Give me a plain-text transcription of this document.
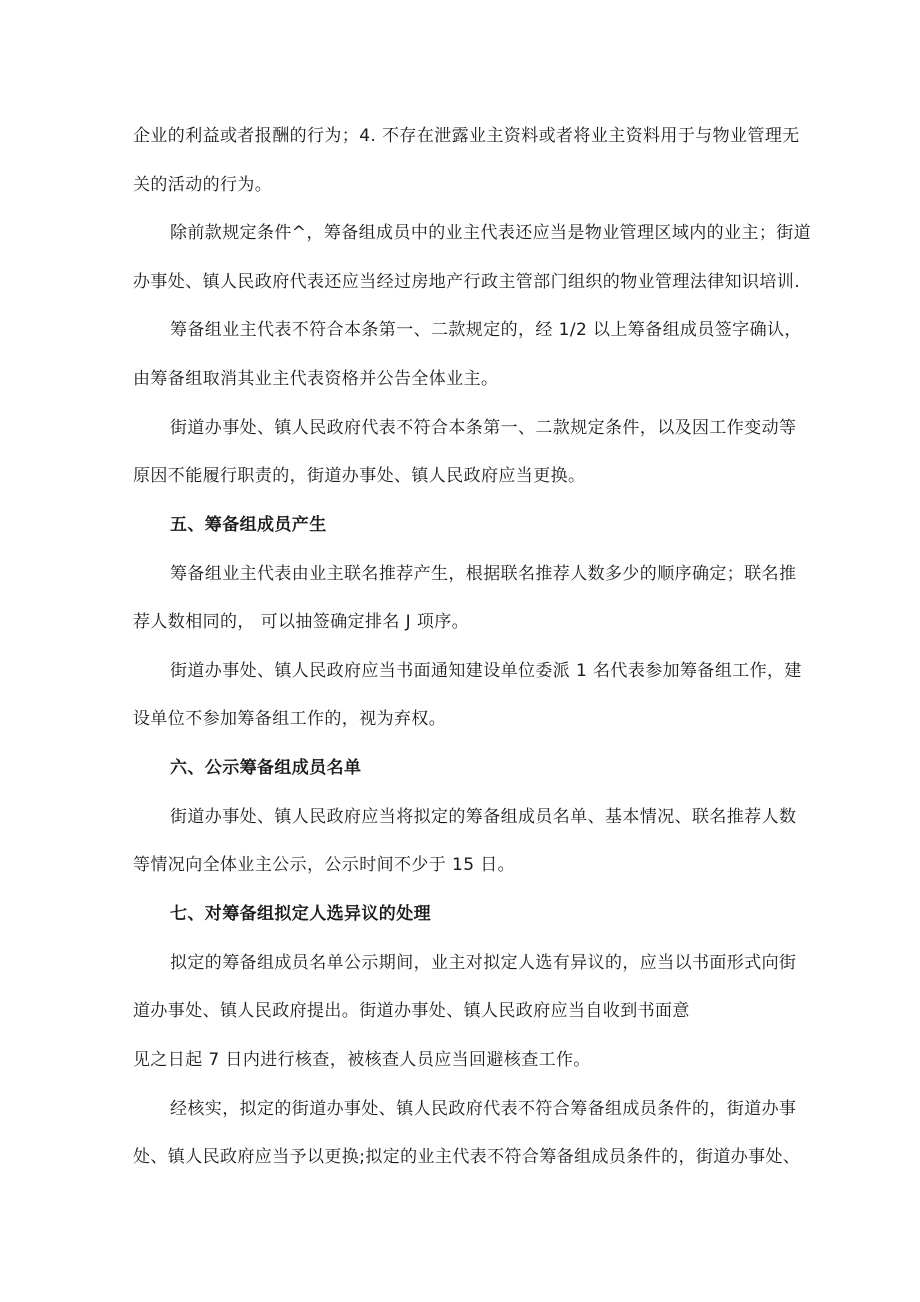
企业的利益或者报酬的行为；4. 不存在泄露业主资料或者将业主资料用于与物业管理无
关的活动的行为。
除前款规定条件^，筹备组成员中的业主代表还应当是物业管理区域内的业主；街道
办事处、镇人民政府代表还应当经过房地产行政主管部门组织的物业管理法律知识培训.
筹备组业主代表不符合本条第一、二款规定的，经 1/2 以上筹备组成员签字确认，
由筹备组取消其业主代表资格并公告全体业主。
街道办事处、镇人民政府代表不符合本条第一、二款规定条件，以及因工作变动等
原因不能履行职责的，街道办事处、镇人民政府应当更换。
五、筹备组成员产生
筹备组业主代表由业主联名推荐产生，根据联名推荐人数多少的顺序确定；联名推
荐人数相同的， 可以抽签确定排名 J 项序。
街道办事处、镇人民政府应当书面通知建设单位委派 1 名代表参加筹备组工作，建
设单位不参加筹备组工作的，视为弃权。
六、公示筹备组成员名单
街道办事处、镇人民政府应当将拟定的筹备组成员名单、基本情况、联名推荐人数
等情况向全体业主公示，公示时间不少于 15 日。
七、对筹备组拟定人选异议的处理
拟定的筹备组成员名单公示期间，业主对拟定人选有异议的，应当以书面形式向街
道办事处、镇人民政府提出。街道办事处、镇人民政府应当自收到书面意
见之日起 7 日内进行核查，被核查人员应当回避核查工作。
经核实，拟定的街道办事处、镇人民政府代表不符合筹备组成员条件的，街道办事
处、镇人民政府应当予以更换;拟定的业主代表不符合筹备组成员条件的，街道办事处、
